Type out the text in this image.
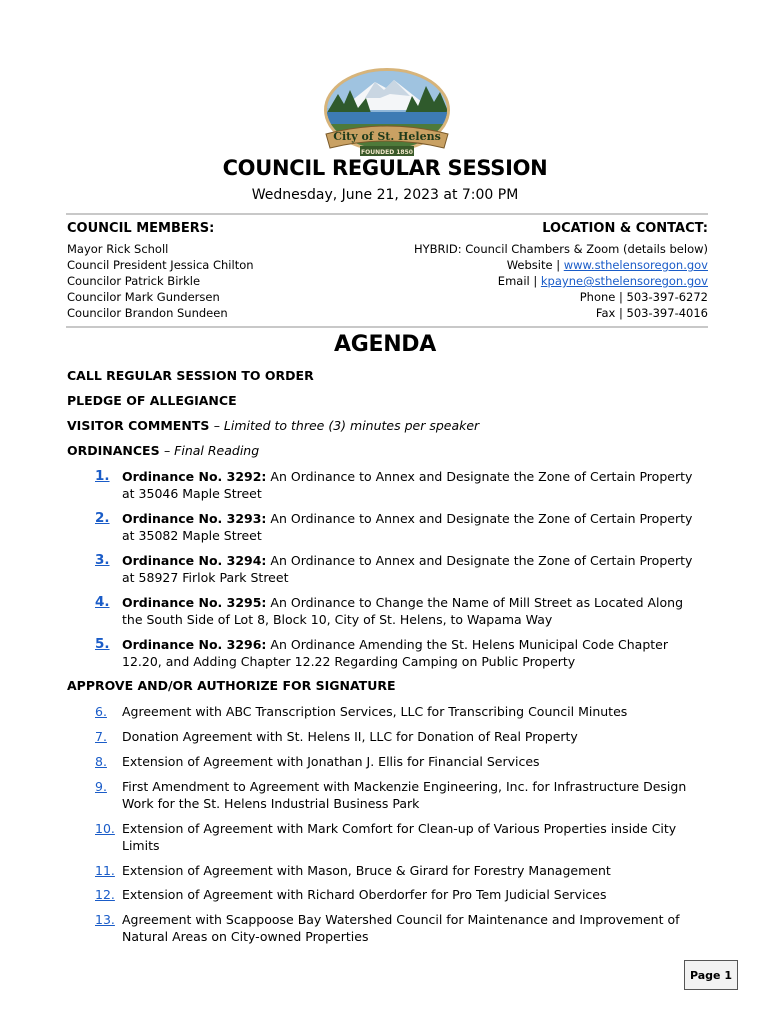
City of St. Helens
FOUNDED 1850
COUNCIL REGULAR SESSION
Wednesday, June 21, 2023 at 7:00 PM
COUNCIL MEMBERS:	LOCATION & CONTACT:
Mayor Rick Scholl
Council President Jessica Chilton
Councilor Patrick Birkle
Councilor Mark Gundersen
Councilor Brandon Sundeen
HYBRID: Council Chambers & Zoom (details below)
Website | www.sthelensoregon.gov
Email | kpayne@sthelensoregon.gov
Phone | 503-397-6272
Fax | 503-397-4016
AGENDA
CALL REGULAR SESSION TO ORDER
PLEDGE OF ALLEGIANCE
VISITOR COMMENTS – Limited to three (3) minutes per speaker
ORDINANCES – Final Reading
1. Ordinance No. 3292: An Ordinance to Annex and Designate the Zone of Certain Property at 35046 Maple Street
2. Ordinance No. 3293: An Ordinance to Annex and Designate the Zone of Certain Property at 35082 Maple Street
3. Ordinance No. 3294: An Ordinance to Annex and Designate the Zone of Certain Property at 58927 Firlok Park Street
4. Ordinance No. 3295: An Ordinance to Change the Name of Mill Street as Located Along the South Side of Lot 8, Block 10, City of St. Helens, to Wapama Way
5. Ordinance No. 3296: An Ordinance Amending the St. Helens Municipal Code Chapter 12.20, and Adding Chapter 12.22 Regarding Camping on Public Property
APPROVE AND/OR AUTHORIZE FOR SIGNATURE
6.	Agreement with ABC Transcription Services, LLC for Transcribing Council Minutes
7.	Donation Agreement with St. Helens II, LLC for Donation of Real Property
8.	Extension of Agreement with Jonathan J. Ellis for Financial Services
9.	First Amendment to Agreement with Mackenzie Engineering, Inc. for Infrastructure Design Work for the St. Helens Industrial Business Park
10. Extension of Agreement with Mark Comfort for Clean-up of Various Properties inside City Limits
11. Extension of Agreement with Mason, Bruce & Girard for Forestry Management
12. Extension of Agreement with Richard Oberdorfer for Pro Tem Judicial Services
13. Agreement with Scappoose Bay Watershed Council for Maintenance and Improvement of Natural Areas on City-owned Properties
Page 1
